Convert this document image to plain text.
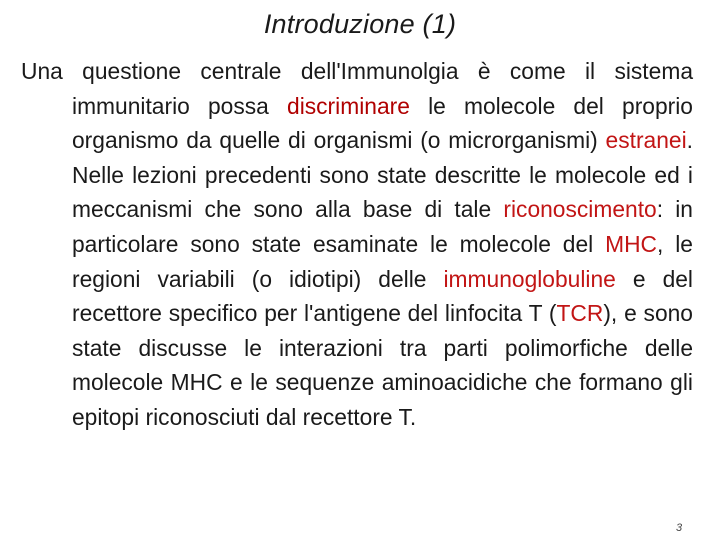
Introduzione (1)
Una questione centrale dell'Immunolgia è come il sistema immunitario possa discriminare le molecole del proprio organismo da quelle di organismi (o microrganismi) estranei. Nelle lezioni precedenti sono state descritte le molecole ed i meccanismi che sono alla base di tale riconoscimento: in particolare sono state esaminate le molecole del MHC, le regioni variabili (o idiotipi) delle immunoglobuline e del recettore specifico per l'antigene del linfocita T (TCR), e sono state discusse le interazioni tra parti polimorfiche delle molecole MHC e le sequenze aminoacidiche che formano gli epitopi riconosciuti dal recettore T.
3
